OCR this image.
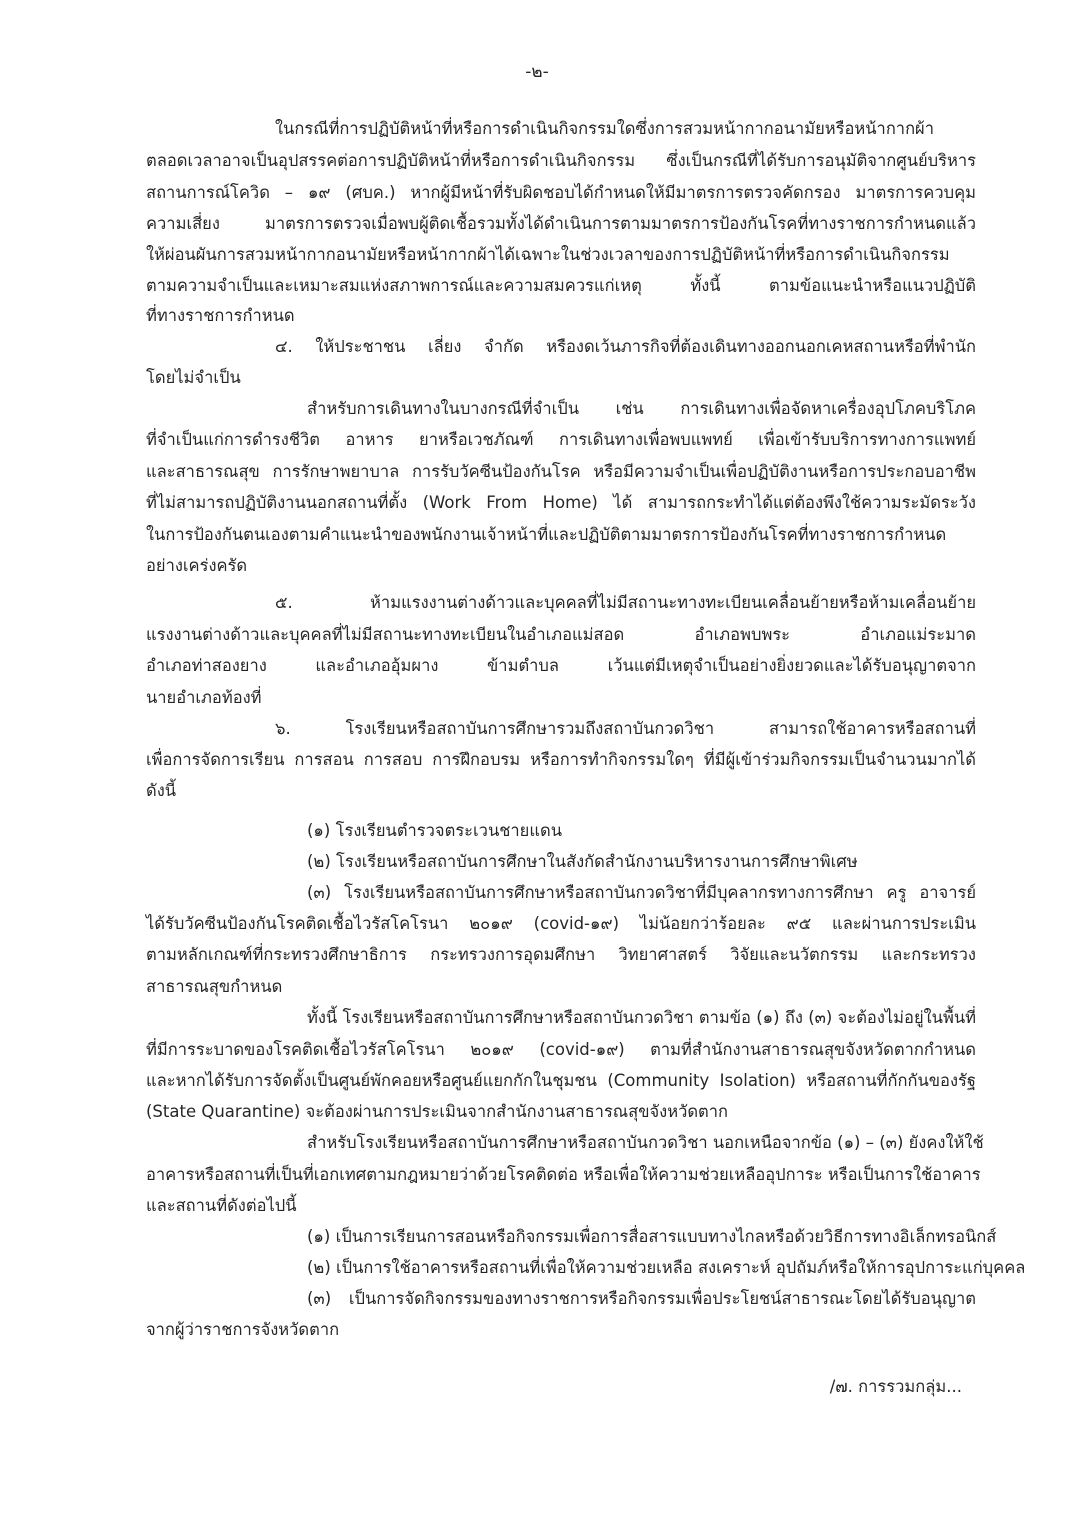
-๒-
ในกรณีที่การปฏิบัติหน้าที่หรือการดำเนินกิจกรรมใดซึ่งการสวมหน้ากากอนามัยหรือหน้ากากผ้า
ตลอดเวลาอาจเป็นอุปสรรคต่อการปฏิบัติหน้าที่หรือการดำเนินกิจกรรม ซึ่งเป็นกรณีที่ได้รับการอนุมัติจากศูนย์บริหาร
สถานการณ์โควิด – ๑๙ (ศบค.) หากผู้มีหน้าที่รับผิดชอบได้กำหนดให้มีมาตรการตรวจคัดกรอง มาตรการควบคุม
ความเสี่ยง มาตรการตรวจเมื่อพบผู้ติดเชื้อรวมทั้งได้ดำเนินการตามมาตรการป้องกันโรคที่ทางราชการกำหนดแล้ว
ให้ผ่อนผันการสวมหน้ากากอนามัยหรือหน้ากากผ้าได้เฉพาะในช่วงเวลาของการปฏิบัติหน้าที่หรือการดำเนินกิจกรรม
ตามความจำเป็นและเหมาะสมแห่งสภาพการณ์และความสมควรแก่เหตุ ทั้งนี้ ตามข้อแนะนำหรือแนวปฏิบัติ
ที่ทางราชการกำหนด
๔. ให้ประชาชน เลี่ยง จำกัด หรืองดเว้นภารกิจที่ต้องเดินทางออกนอกเคหสถานหรือที่พำนัก
โดยไม่จำเป็น
สำหรับการเดินทางในบางกรณีที่จำเป็น เช่น การเดินทางเพื่อจัดหาเครื่องอุปโภคบริโภค
ที่จำเป็นแก่การดำรงชีวิต อาหาร ยาหรือเวชภัณฑ์ การเดินทางเพื่อพบแพทย์ เพื่อเข้ารับบริการทางการแพทย์
และสาธารณสุข การรักษาพยาบาล การรับวัคซีนป้องกันโรค หรือมีความจำเป็นเพื่อปฏิบัติงานหรือการประกอบอาชีพ
ที่ไม่สามารถปฏิบัติงานนอกสถานที่ตั้ง (Work From Home) ได้ สามารถกระทำได้แต่ต้องพึงใช้ความระมัดระวัง
ในการป้องกันตนเองตามคำแนะนำของพนักงานเจ้าหน้าที่และปฏิบัติตามมาตรการป้องกันโรคที่ทางราชการกำหนด
อย่างเคร่งครัด
๕. ห้ามแรงงานต่างด้าวและบุคคลที่ไม่มีสถานะทางทะเบียนเคลื่อนย้ายหรือห้ามเคลื่อนย้าย
แรงงานต่างด้าวและบุคคลที่ไม่มีสถานะทางทะเบียนในอำเภอแม่สอด อำเภอพบพระ อำเภอแม่ระมาด
อำเภอท่าสองยาง และอำเภออุ้มผาง ข้ามตำบล เว้นแต่มีเหตุจำเป็นอย่างยิ่งยวดและได้รับอนุญาตจาก
นายอำเภอท้องที่
๖. โรงเรียนหรือสถาบันการศึกษารวมถึงสถาบันกวดวิชา สามารถใช้อาคารหรือสถานที่
เพื่อการจัดการเรียน การสอน การสอบ การฝึกอบรม หรือการทำกิจกรรมใดๆ ที่มีผู้เข้าร่วมกิจกรรมเป็นจำนวนมากได้
ดังนี้
(๑) โรงเรียนตำรวจตระเวนชายแดน
(๒) โรงเรียนหรือสถาบันการศึกษาในสังกัดสำนักงานบริหารงานการศึกษาพิเศษ
(๓) โรงเรียนหรือสถาบันการศึกษาหรือสถาบันกวดวิชาที่มีบุคลากรทางการศึกษา ครู อาจารย์
ได้รับวัคซีนป้องกันโรคติดเชื้อไวรัสโคโรนา ๒๐๑๙ (covid-๑๙) ไม่น้อยกว่าร้อยละ ๙๕ และผ่านการประเมิน
ตามหลักเกณฑ์ที่กระทรวงศึกษาธิการ กระทรวงการอุดมศึกษา วิทยาศาสตร์ วิจัยและนวัตกรรม และกระทรวง
สาธารณสุขกำหนด
ทั้งนี้ โรงเรียนหรือสถาบันการศึกษาหรือสถาบันกวดวิชา ตามข้อ (๑) ถึง (๓) จะต้องไม่อยู่ในพื้นที่
ที่มีการระบาดของโรคติดเชื้อไวรัสโคโรนา ๒๐๑๙ (covid-๑๙) ตามที่สำนักงานสาธารณสุขจังหวัดตากกำหนด
และหากได้รับการจัดตั้งเป็นศูนย์พักคอยหรือศูนย์แยกกักในชุมชน (Community Isolation) หรือสถานที่กักกันของรัฐ
(State Quarantine) จะต้องผ่านการประเมินจากสำนักงานสาธารณสุขจังหวัดตาก
สำหรับโรงเรียนหรือสถาบันการศึกษาหรือสถาบันกวดวิชา นอกเหนือจากข้อ (๑) – (๓) ยังคงให้ใช้
อาคารหรือสถานที่เป็นที่เอกเทศตามกฎหมายว่าด้วยโรคติดต่อ หรือเพื่อให้ความช่วยเหลืออุปการะ หรือเป็นการใช้อาคาร
และสถานที่ดังต่อไปนี้
(๑) เป็นการเรียนการสอนหรือกิจกรรมเพื่อการสื่อสารแบบทางไกลหรือด้วยวิธีการทางอิเล็กทรอนิกส์
(๒) เป็นการใช้อาคารหรือสถานที่เพื่อให้ความช่วยเหลือ สงเคราะห์ อุปถัมภ์หรือให้การอุปการะแก่บุคคล
(๓) เป็นการจัดกิจกรรมของทางราชการหรือกิจกรรมเพื่อประโยชน์สาธารณะโดยได้รับอนุญาต
จากผู้ว่าราชการจังหวัดตาก
/๗. การรวมกลุ่ม...
